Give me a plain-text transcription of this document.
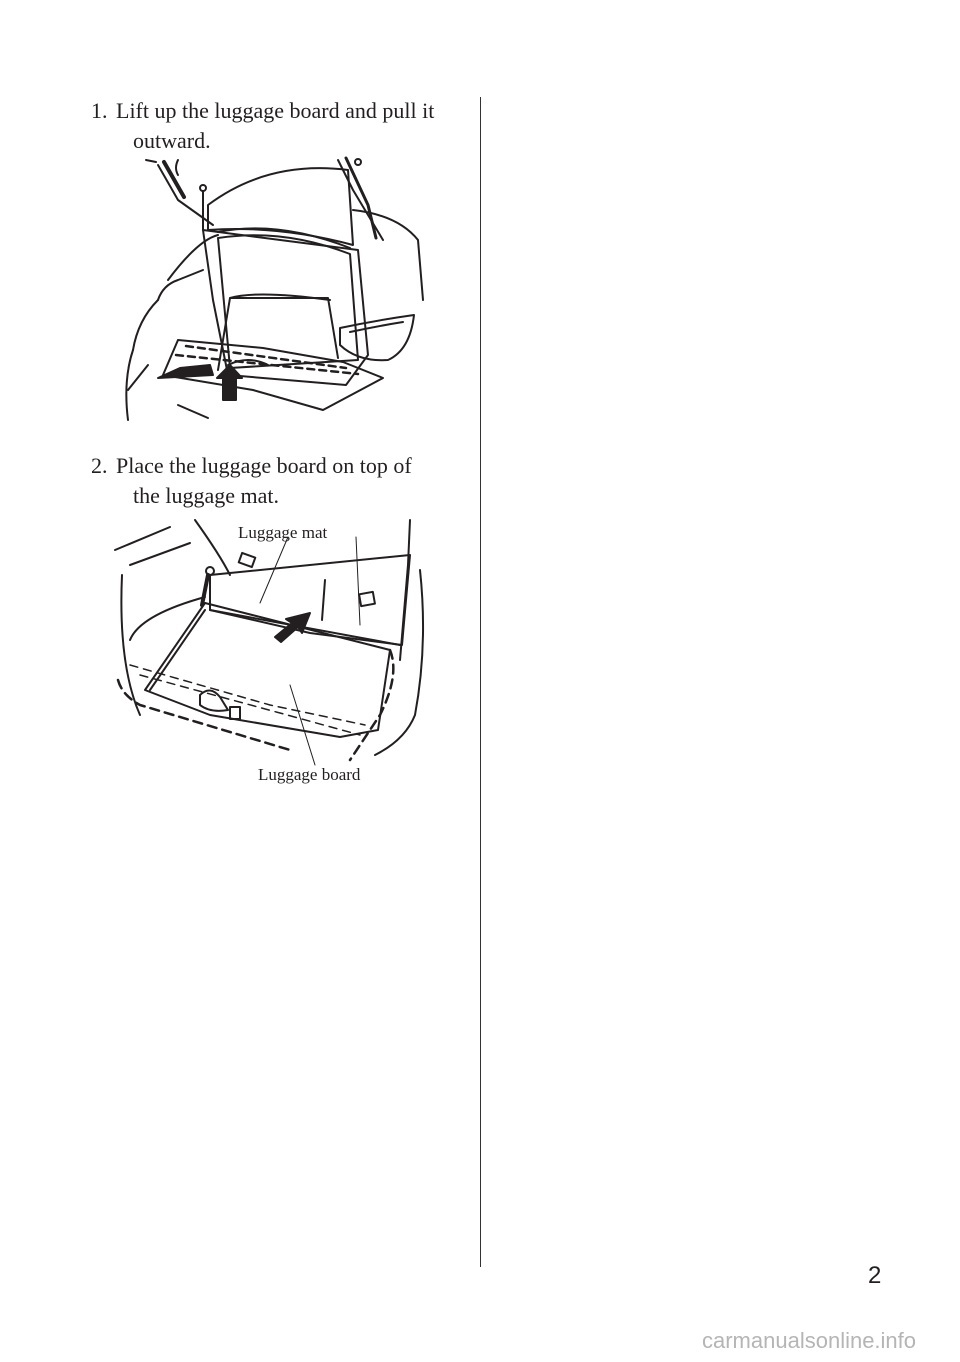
1. Lift up the luggage board and pull it
outward.
2. Place the luggage board on top of
the luggage mat.
Luggage mat
Luggage board
2
carmanualsonline.info
